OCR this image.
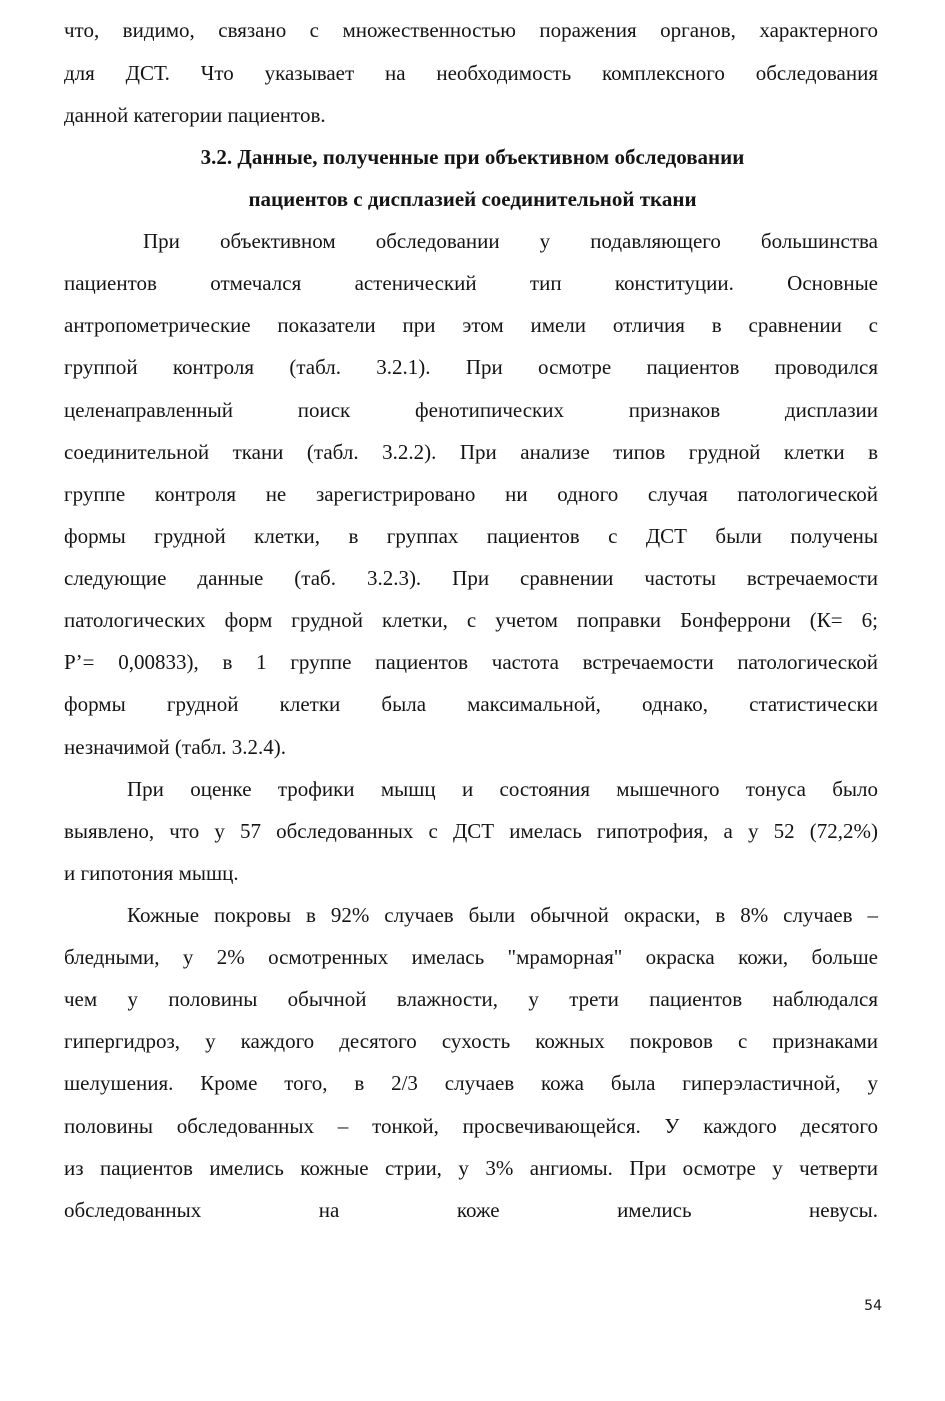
что, видимо, связано с множественностью поражения органов, характерного
для ДСТ. Что указывает на необходимость комплексного обследования
данной категории пациентов.
3.2. Данные, полученные при объективном обследовании
пациентов с дисплазией соединительной ткани
При объективном обследовании у подавляющего большинства
пациентов отмечался астенический тип конституции. Основные
антропометрические показатели при этом имели отличия в сравнении с
группой контроля (табл. 3.2.1). При осмотре пациентов проводился
целенаправленный поиск фенотипических признаков дисплазии
соединительной ткани (табл. 3.2.2). При анализе типов грудной клетки в
группе контроля не зарегистрировано ни одного случая патологической
формы грудной клетки, в группах пациентов с ДСТ были получены
следующие данные (таб. 3.2.3). При сравнении частоты встречаемости
патологических форм грудной клетки, с учетом поправки Бонферрони (К= 6;
Р’= 0,00833), в 1 группе пациентов частота встречаемости патологической
формы грудной клетки была максимальной, однако, статистически
незначимой (табл. 3.2.4).
При оценке трофики мышц и состояния мышечного тонуса было
выявлено, что у 57 обследованных с ДСТ имелась гипотрофия, а у 52 (72,2%)
и гипотония мышц.
Кожные покровы в 92% случаев были обычной окраски, в 8% случаев –
бледными, у 2% осмотренных имелась "мраморная" окраска кожи, больше
чем у половины обычной влажности, у трети пациентов наблюдался
гипергидроз, у каждого десятого сухость кожных покровов с признаками
шелушения. Кроме того, в 2/3 случаев кожа была гиперэластичной, у
половины обследованных – тонкой, просвечивающейся. У каждого десятого
из пациентов имелись кожные стрии, у 3% ангиомы. При осмотре у четверти
обследованных на коже имелись невусы.
54
